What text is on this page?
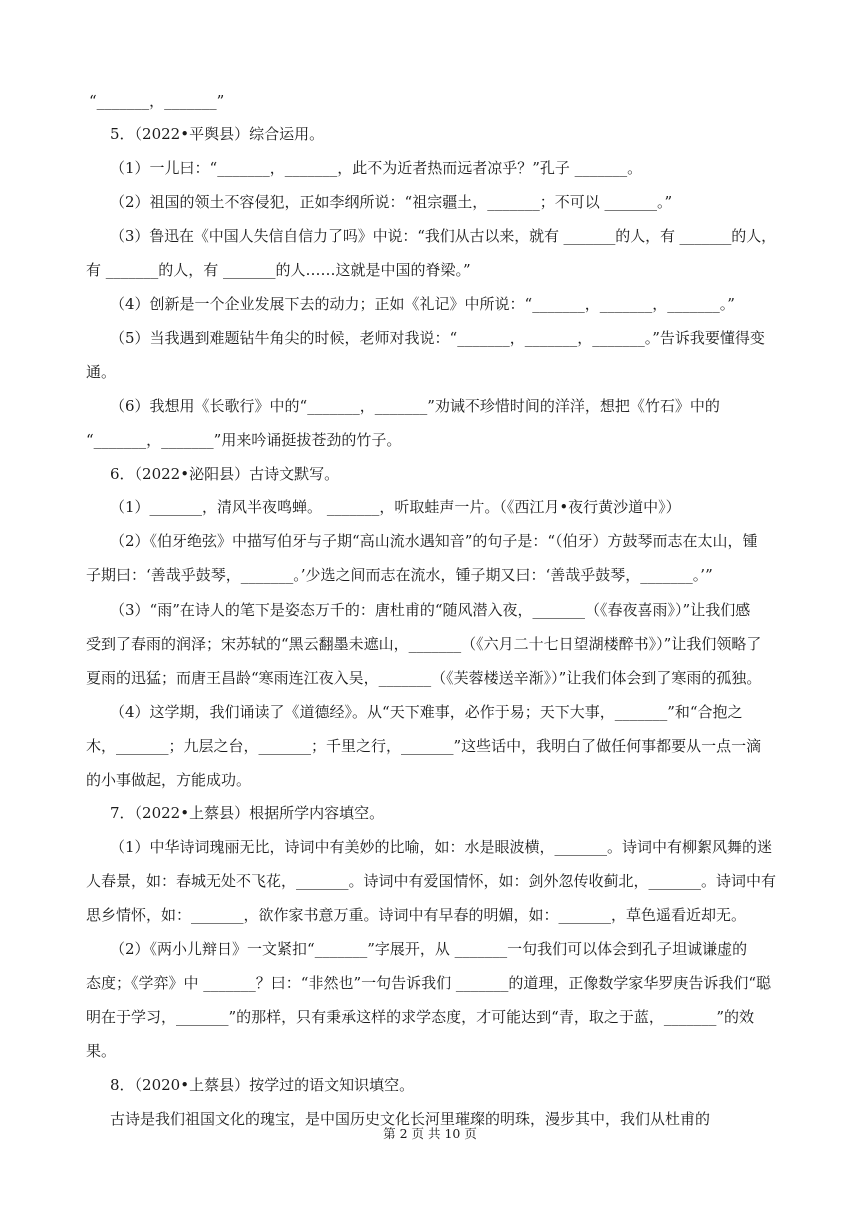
“_______，_______”
5．（2022•平舆县）综合运用。
（1）一儿曰：“_______，_______，此不为近者热而远者凉乎？”孔子 _______。
（2）祖国的领土不容侵犯，正如李纲所说：“祖宗疆土，_______；不可以 _______。”
（3）鲁迅在《中国人失信自信力了吗》中说：“我们从古以来，就有 _______的人，有 _______的人，
有 _______的人，有 _______的人……这就是中国的脊梁。”
（4）创新是一个企业发展下去的动力；正如《礼记》中所说：“_______，_______，_______。”
（5）当我遇到难题钻牛角尖的时候，老师对我说：“_______，_______，_______。”告诉我要懂得变
通。
（6）我想用《长歌行》中的“_______，_______”劝诫不珍惜时间的洋洋，想把《竹石》中的
“_______，_______”用来吟诵挺拔苍劲的竹子。
6．（2022•泌阳县）古诗文默写。
（1）_______，清风半夜鸣蝉。 _______，听取蛙声一片。（《西江月•夜行黄沙道中》）
（2）《伯牙绝弦》中描写伯牙与子期“高山流水遇知音”的句子是：“（伯牙）方鼓琴而志在太山，锺
子期曰：‘善哉乎鼓琴，_______。’少选之间而志在流水，锺子期又曰：‘善哉乎鼓琴，_______。’”
（3）“雨”在诗人的笔下是姿态万千的：唐杜甫的“随风潜入夜，_______（《春夜喜雨》）”让我们感
受到了春雨的润泽；宋苏轼的“黑云翻墨未遮山，_______（《六月二十七日望湖楼醉书》）”让我们领略了
夏雨的迅猛；而唐王昌龄“寒雨连江夜入吴，_______（《芙蓉楼送辛渐》）”让我们体会到了寒雨的孤独。
（4）这学期，我们诵读了《道德经》。从“天下难事，必作于易；天下大事，_______”和“合抱之
木，_______；九层之台，_______；千里之行，_______”这些话中，我明白了做任何事都要从一点一滴
的小事做起，方能成功。
7．（2022•上蔡县）根据所学内容填空。
（1）中华诗词瑰丽无比，诗词中有美妙的比喻，如：水是眼波横，_______。诗词中有柳絮风舞的迷
人春景，如：春城无处不飞花，_______。诗词中有爱国情怀，如：剑外忽传收蓟北，_______。诗词中有
思乡情怀，如：_______，欲作家书意万重。诗词中有早春的明媚，如：_______，草色遥看近却无。
（2）《两小儿辩日》一文紧扣“_______”字展开，从 _______一句我们可以体会到孔子坦诚谦虚的
态度；《学弈》中 _______？曰：“非然也”一句告诉我们 _______的道理，正像数学家华罗庚告诉我们“聪
明在于学习，_______”的那样，只有秉承这样的求学态度，才可能达到“青，取之于蓝，_______”的效
果。
8．（2020•上蔡县）按学过的语文知识填空。
古诗是我们祖国文化的瑰宝，是中国历史文化长河里璀璨的明珠，漫步其中，我们从杜甫的
第 2 页 共 10 页
